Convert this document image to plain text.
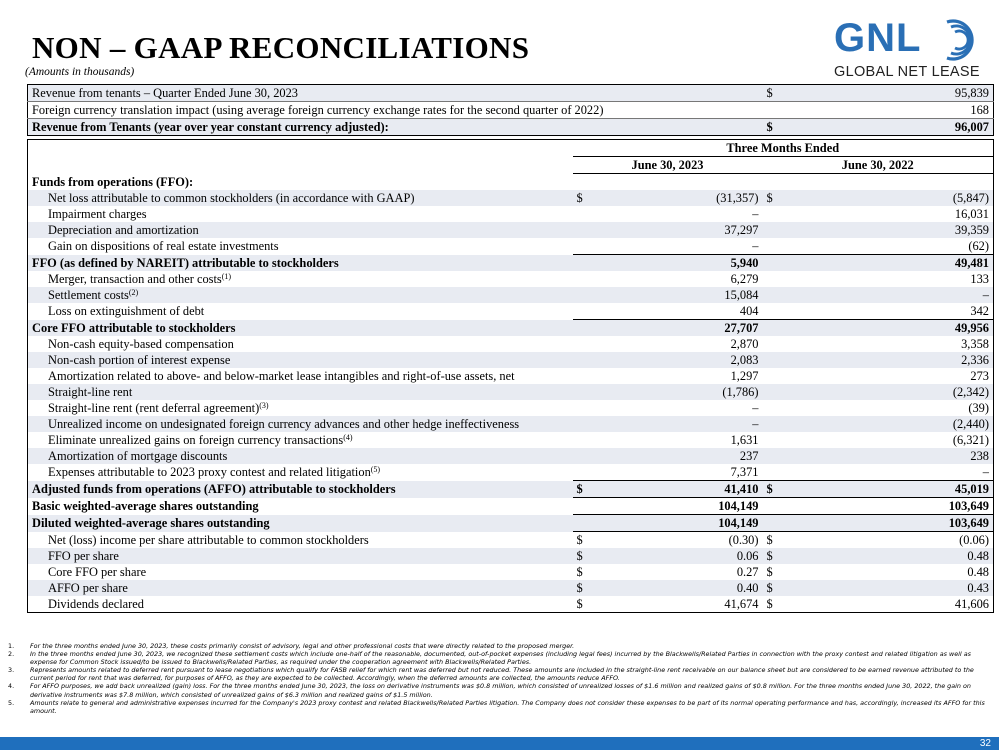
NON – GAAP RECONCILIATIONS
(Amounts in thousands)
GNL
GLOBAL NET LEASE
Revenue from tenants – Quarter Ended June 30, 2023	$	95,839
Foreign currency translation impact (using average foreign currency exchange rates for the second quarter of 2022)		168
Revenue from Tenants (year over year constant currency adjusted):	$	96,007
	Three Months Ended			
	June 30, 2023		June 30, 2022	
Funds from operations (FFO):				
Net loss attributable to common stockholders (in accordance with GAAP)	$	(31,357)	$	(5,847)
Impairment charges		–		16,031
Depreciation and amortization		37,297		39,359
Gain on dispositions of real estate investments		–		(62)
FFO (as defined by NAREIT) attributable to stockholders		5,940		49,481
Merger, transaction and other costs$^{(1)}$		6,279		133
Settlement costs$^{(2)}$		15,084		–
Loss on extinguishment of debt		404		342
Core FFO attributable to stockholders		27,707		49,956
Non-cash equity-based compensation		2,870		3,358
Non-cash portion of interest expense		2,083		2,336
Amortization related to above- and below-market lease intangibles and right-of-use assets, net		1,297		273
Straight-line rent		(1,786)		(2,342)
Straight-line rent (rent deferral agreement)$^{(3)}$		–		(39)
Unrealized income on undesignated foreign currency advances and other hedge ineffectiveness		–		(2,440)
Eliminate unrealized gains on foreign currency transactions$^{(4)}$		1,631		(6,321)
Amortization of mortgage discounts		237		238
Expenses attributable to 2023 proxy contest and related litigation$^{(5)}$		7,371		–
Adjusted funds from operations (AFFO) attributable to stockholders	$	41,410	$	45,019
Basic weighted-average shares outstanding		104,149		103,649
Diluted weighted-average shares outstanding		104,149		103,649
Net (loss) income per share attributable to common stockholders	$	(0.30)	$	(0.06)
FFO per share	$	0.06	$	0.48
Core FFO per share	$	0.27	$	0.48
AFFO per share	$	0.40	$	0.43
Dividends declared	$	41,674	$	41,606
1.	For the three months ended June 30, 2023, these costs primarily consist of advisory, legal and other professional costs that were directly related to the proposed merger.
2.	In the three months ended June 30, 2023, we recognized these settlement costs which include one-half of the reasonable, documented, out-of-pocket expenses (including legal fees) incurred by the Blackwells/Related Parties in connection with the proxy contest and related litigation as well as expense for Common Stock issued/to be issued to Blackwells/Related Parties, as required under the cooperation agreement with Blackwells/Related Parties.
3.	Represents amounts related to deferred rent pursuant to lease negotiations which qualify for FASB relief for which rent was deferred but not reduced. These amounts are included in the straight-line rent receivable on our balance sheet but are considered to be earned revenue attributed to the current period for rent that was deferred, for purposes of AFFO, as they are expected to be collected. Accordingly, when the deferred amounts are collected, the amounts reduce AFFO.
4.	For AFFO purposes, we add back unrealized (gain) loss. For the three months ended June 30, 2023, the loss on derivative instruments was $0.8 million, which consisted of unrealized losses of $1.6 million and realized gains of $0.8 million. For the three months ended June 30, 2022, the gain on derivative instruments was $7.8 million, which consisted of unrealized gains of $6.3 million and realized gains of $1.5 million.
5.	Amounts relate to general and administrative expenses incurred for the Company's 2023 proxy contest and related Blackwells/Related Parties litigation. The Company does not consider these expenses to be part of its normal operating performance and has, accordingly, increased its AFFO for this amount.
32
